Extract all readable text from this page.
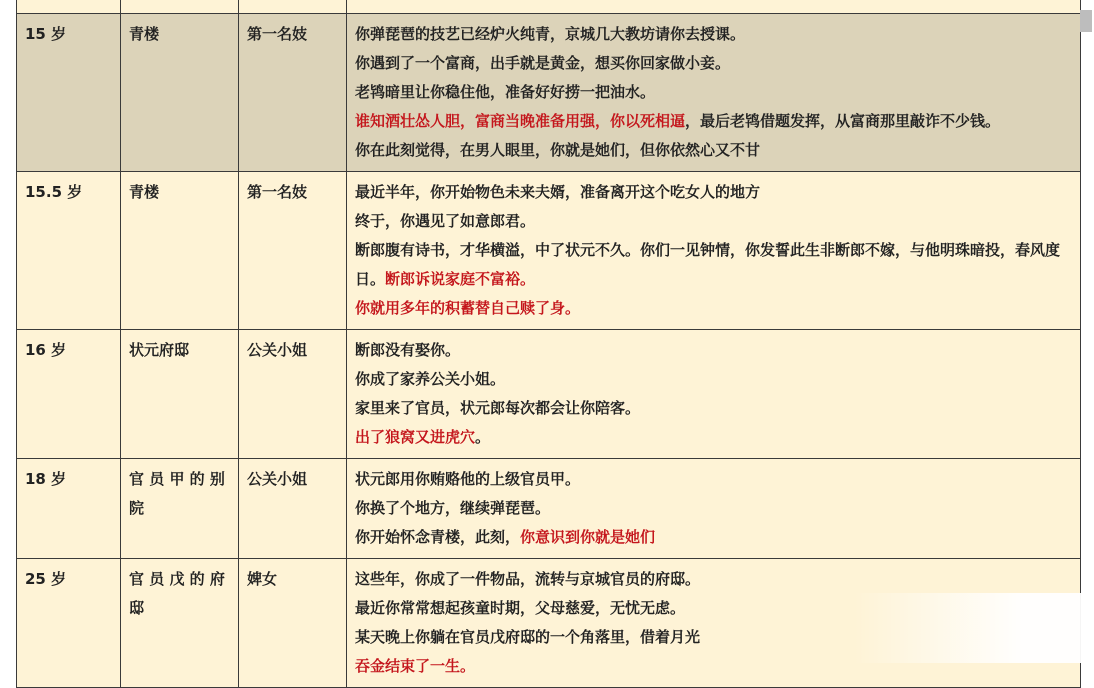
15 岁	青楼	第一名妓	你弹琵琶的技艺已经炉火纯青，京城几大教坊请你去授课。
你遇到了一个富商，出手就是黄金，想买你回家做小妾。
老鸨暗里让你稳住他，准备好好捞一把油水。
谁知酒壮怂人胆，富商当晚准备用强，你以死相逼，最后老鸨借题发挥，从富商那里敲诈不少钱。
你在此刻觉得，在男人眼里，你就是她们，但你依然心又不甘

15.5 岁	青楼	第一名妓	最近半年，你开始物色未来夫婿，准备离开这个吃女人的地方
终于，你遇见了如意郎君。
断郎腹有诗书，才华横溢，中了状元不久。你们一见钟情，你发誓此生非断郎不嫁，与他明珠暗投，春风度日。断郎诉说家庭不富裕。
你就用多年的积蓄替自己赎了身。

16 岁	状元府邸	公关小姐	断郎没有娶你。
你成了家养公关小姐。
家里来了官员，状元郎每次都会让你陪客。
出了狼窝又进虎穴。

18 岁	官 员 甲 的 别 院	公关小姐	状元郎用你贿赂他的上级官员甲。
你换了个地方，继续弹琵琶。
你开始怀念青楼，此刻，你意识到你就是她们

25 岁	官 员 戊 的 府 邸	婢女	这些年，你成了一件物品，流转与京城官员的府邸。
最近你常常想起孩童时期，父母慈爱，无忧无虑。
某天晚上你躺在官员戊府邸的一个角落里，借着月光
吞金结束了一生。
